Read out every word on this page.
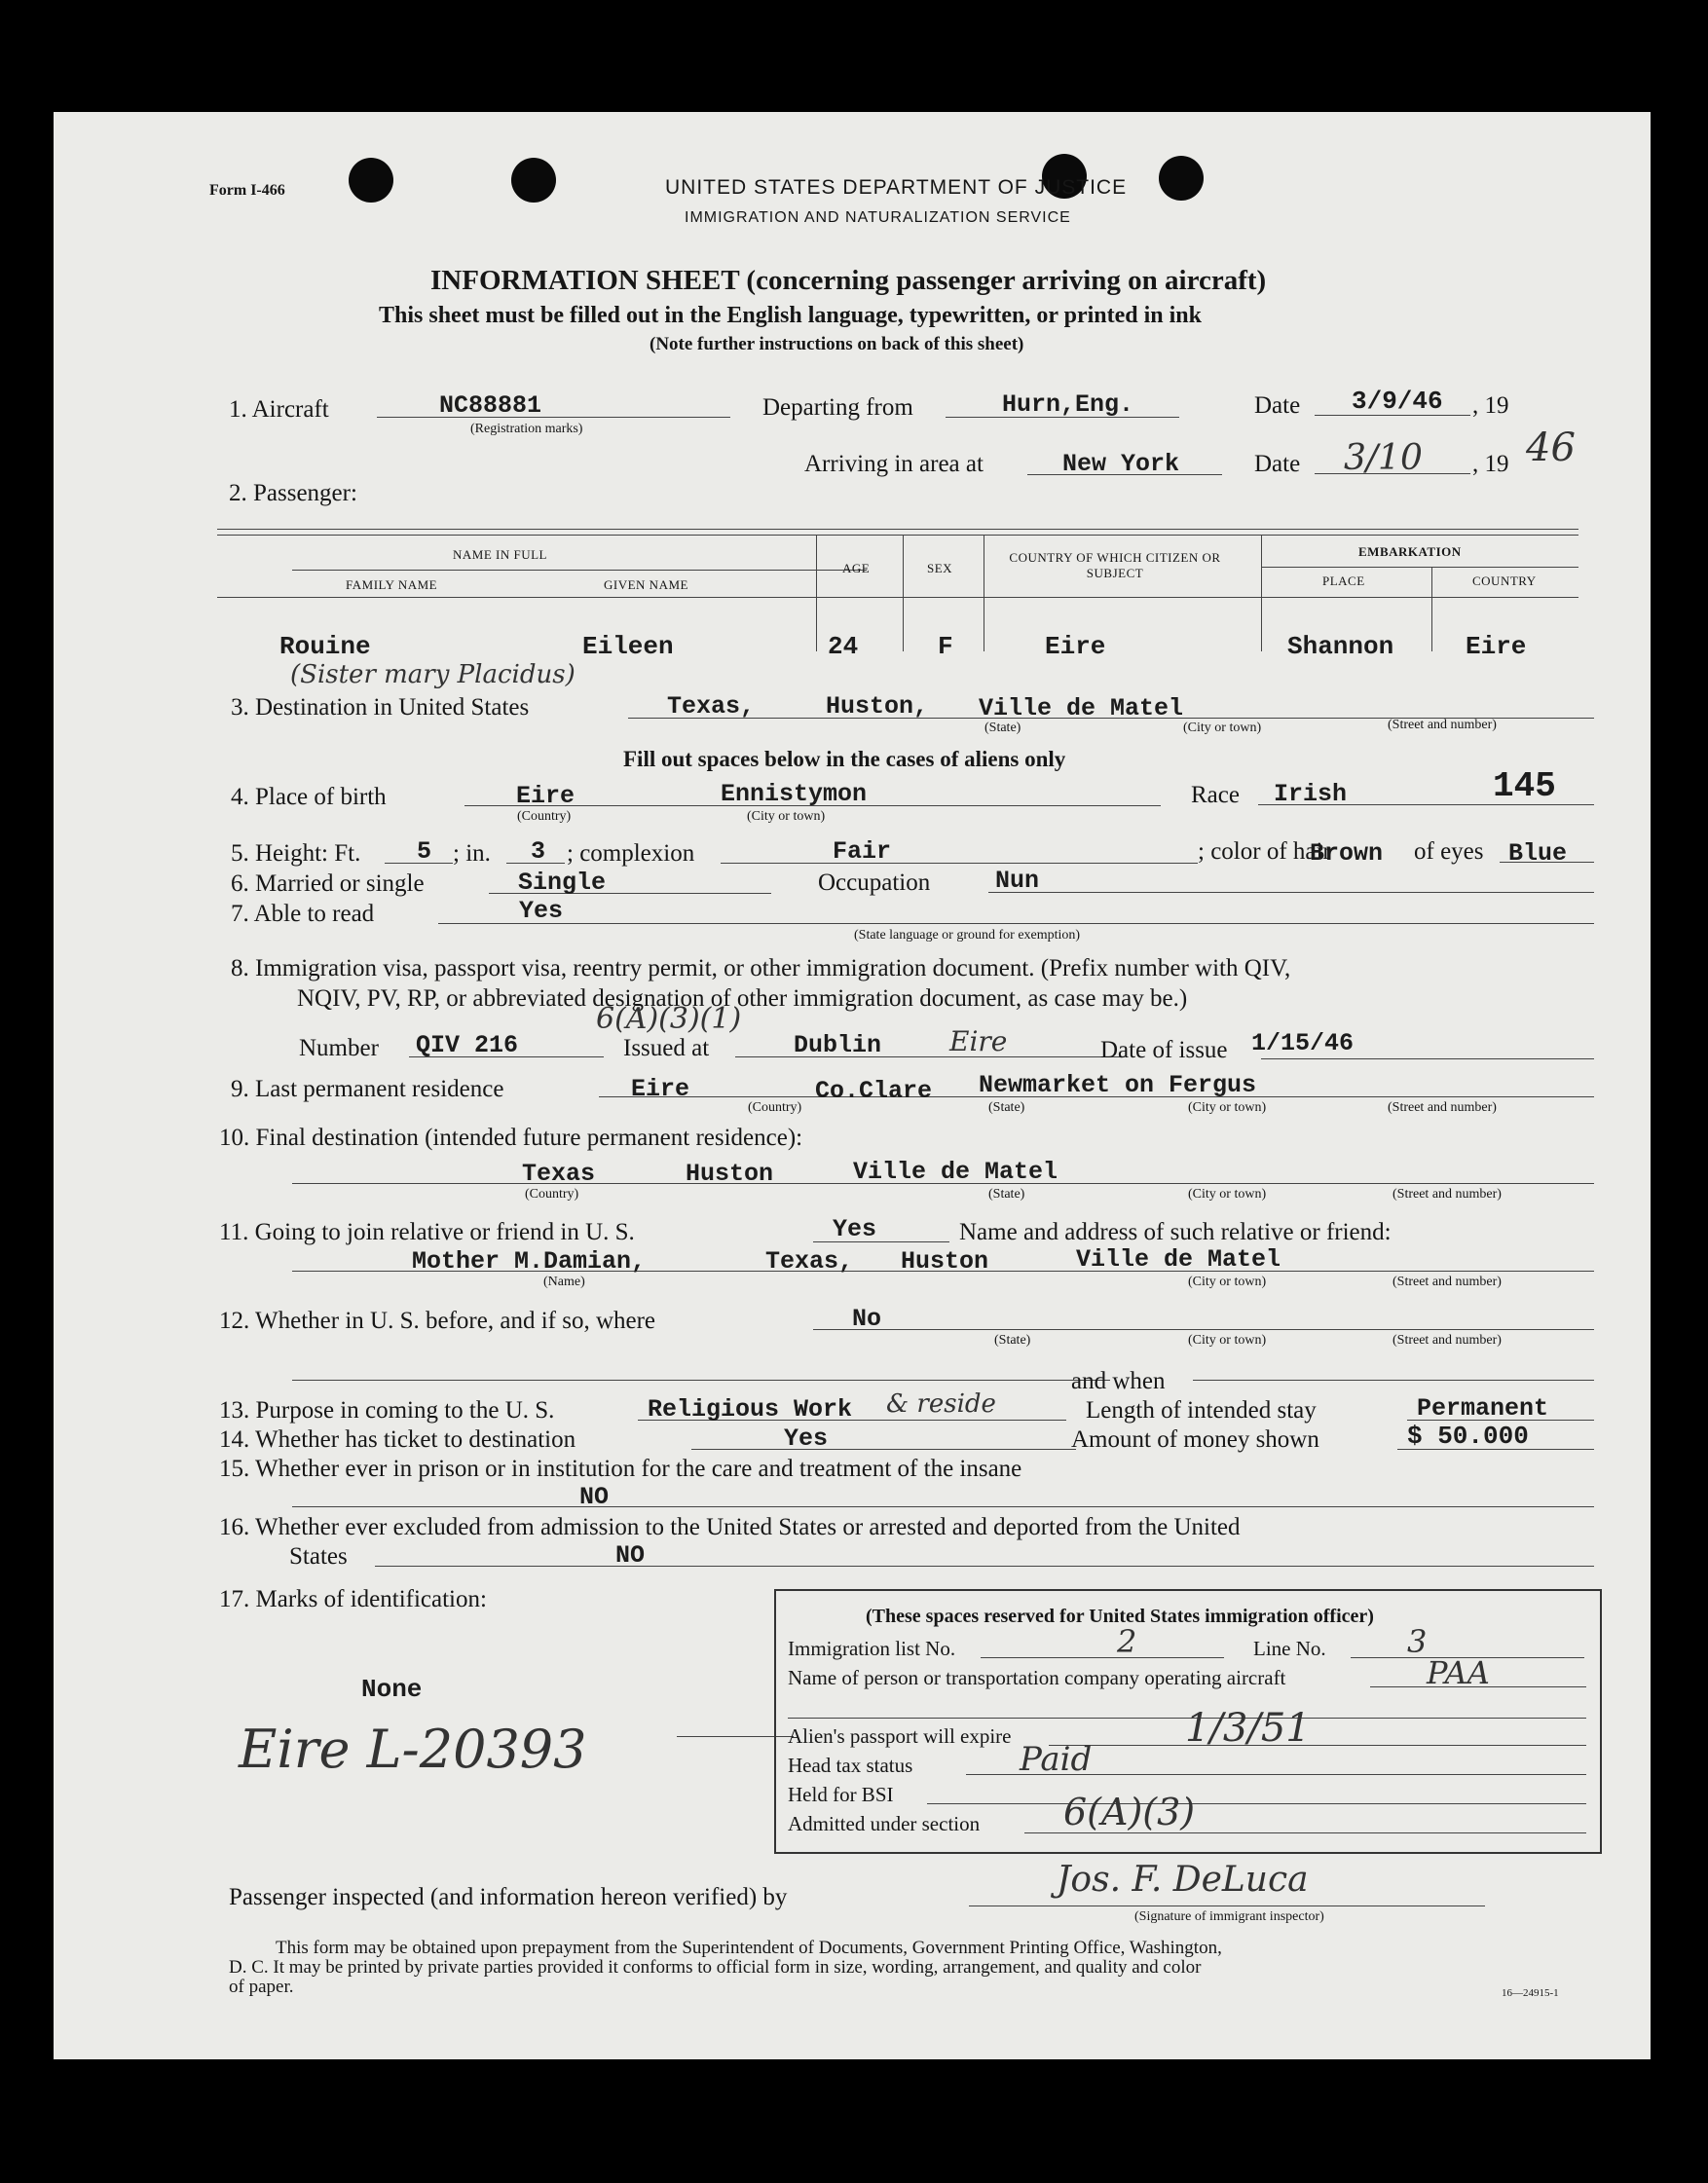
Form I-466	UNITED STATES DEPARTMENT OF JUSTICE
IMMIGRATION AND NATURALIZATION SERVICE
INFORMATION SHEET (concerning passenger arriving on aircraft)
This sheet must be filled out in the English language, typewritten, or printed in ink
(Note further instructions on back of this sheet)
1. Aircraft	NC88881
(Registration marks)
Departing from	Hurn,Eng.	Date 3/9/46 , 19
Arriving in area at	New York	Date 3/10 , 19 46
2. Passenger:
NAME IN FULL
FAMILY NAME	GIVEN NAME
AGE	SEX
COUNTRY OF WHICH CITIZEN OR SUBJECT
EMBARKATION
PLACE	COUNTRY
Rouine	Eileen
(Sister mary Placidus)
24	F	Eire	Shannon	Eire
3. Destination in United States	Texas,	Huston, Ville de Matel
(State)	(City or town)	(Street and number)
Fill out spaces below in the cases of aliens only
4. Place of birth	Eire	Ennistymon
(Country)	(City or town)
Race Irish	145
5. Height: Ft. 5 ; in. 3 ; complexion	Fair	; color of hair
Brown of eyes Blue
6. Married or single	Single	Occupation	Nun
7. Able to read	Yes
(State language or ground for exemption)
8. Immigration visa, passport visa, reentry permit, or other immigration document. (Prefix number with QIV,
NQIV, PV, RP, or abbreviated designation of other immigration document, as case may be.)
6(A)(3)(1)
Number QIV 216	Issued at	Dublin Eire	Date of issue 1/15/46
9. Last permanent residence	Eire	Co.Clare Newmarket on Fergus
(Country)	(State)	(City or town)	(Street and number)
10. Final destination (intended future permanent residence):
Texas	Huston	Ville de Matel
(Country)	(State)	(City or town)	(Street and number)
11. Going to join relative or friend in U. S.	Yes	Name and address of such relative or friend:
Mother M.Damian,	Texas, Huston	Ville de Matel
(Name)	(City or town)	(Street and number)
12. Whether in U. S. before, and if so, where	No
(State)	(City or town)	(Street and number)
and when
13. Purpose in coming to the U. S.	Religious Work & reside	Length of intended stay	Permanent
14. Whether has ticket to destination	Yes	Amount of money shown	$ 50.000
15. Whether ever in prison or in institution for the care and treatment of the insane
NO
16. Whether ever excluded from admission to the United States or arrested and deported from the United
States	NO
17. Marks of identification:
None
Eire L-20393
(These spaces reserved for United States immigration officer)
Immigration list No.	2	Line No.	3
Name of person or transportation company operating aircraft	PAA
Alien's passport will expire	1/3/51
Head tax status	Paid
Held for BSI
Admitted under section 6(A)(3)
Passenger inspected (and information hereon verified) by	Jos. F. DeLuca
(Signature of immigrant inspector)
This form may be obtained upon prepayment from the Superintendent of Documents, Government Printing Office, Washington,
D. C. It may be printed by private parties provided it conforms to official form in size, wording, arrangement, and quality and color
of paper.	16—24915-1
